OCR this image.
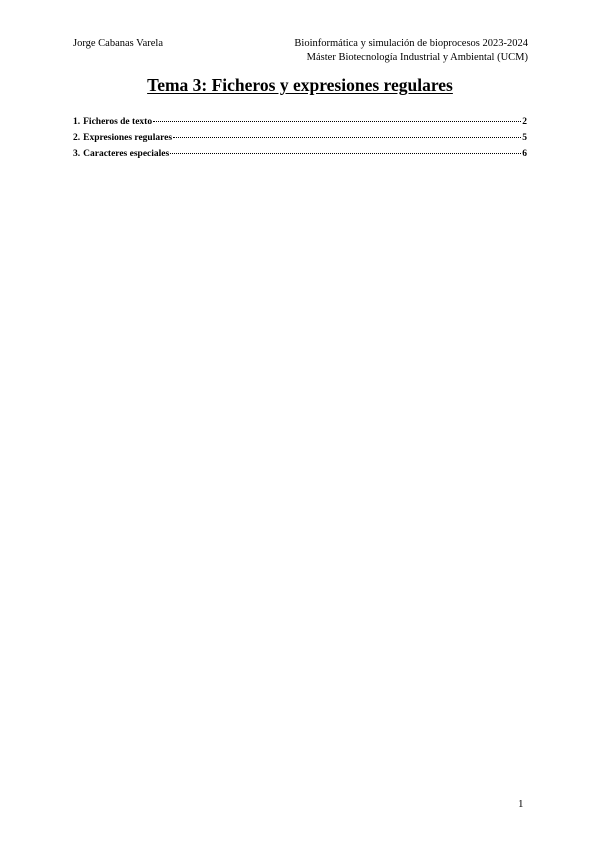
Jorge Cabanas Varela	Bioinformática y simulación de bioprocesos 2023-2024
Máster Biotecnología Industrial y Ambiental (UCM)
Tema 3: Ficheros y expresiones regulares
1. Ficheros de texto	2
2. Expresiones regulares	5
3. Caracteres especiales	6
1
